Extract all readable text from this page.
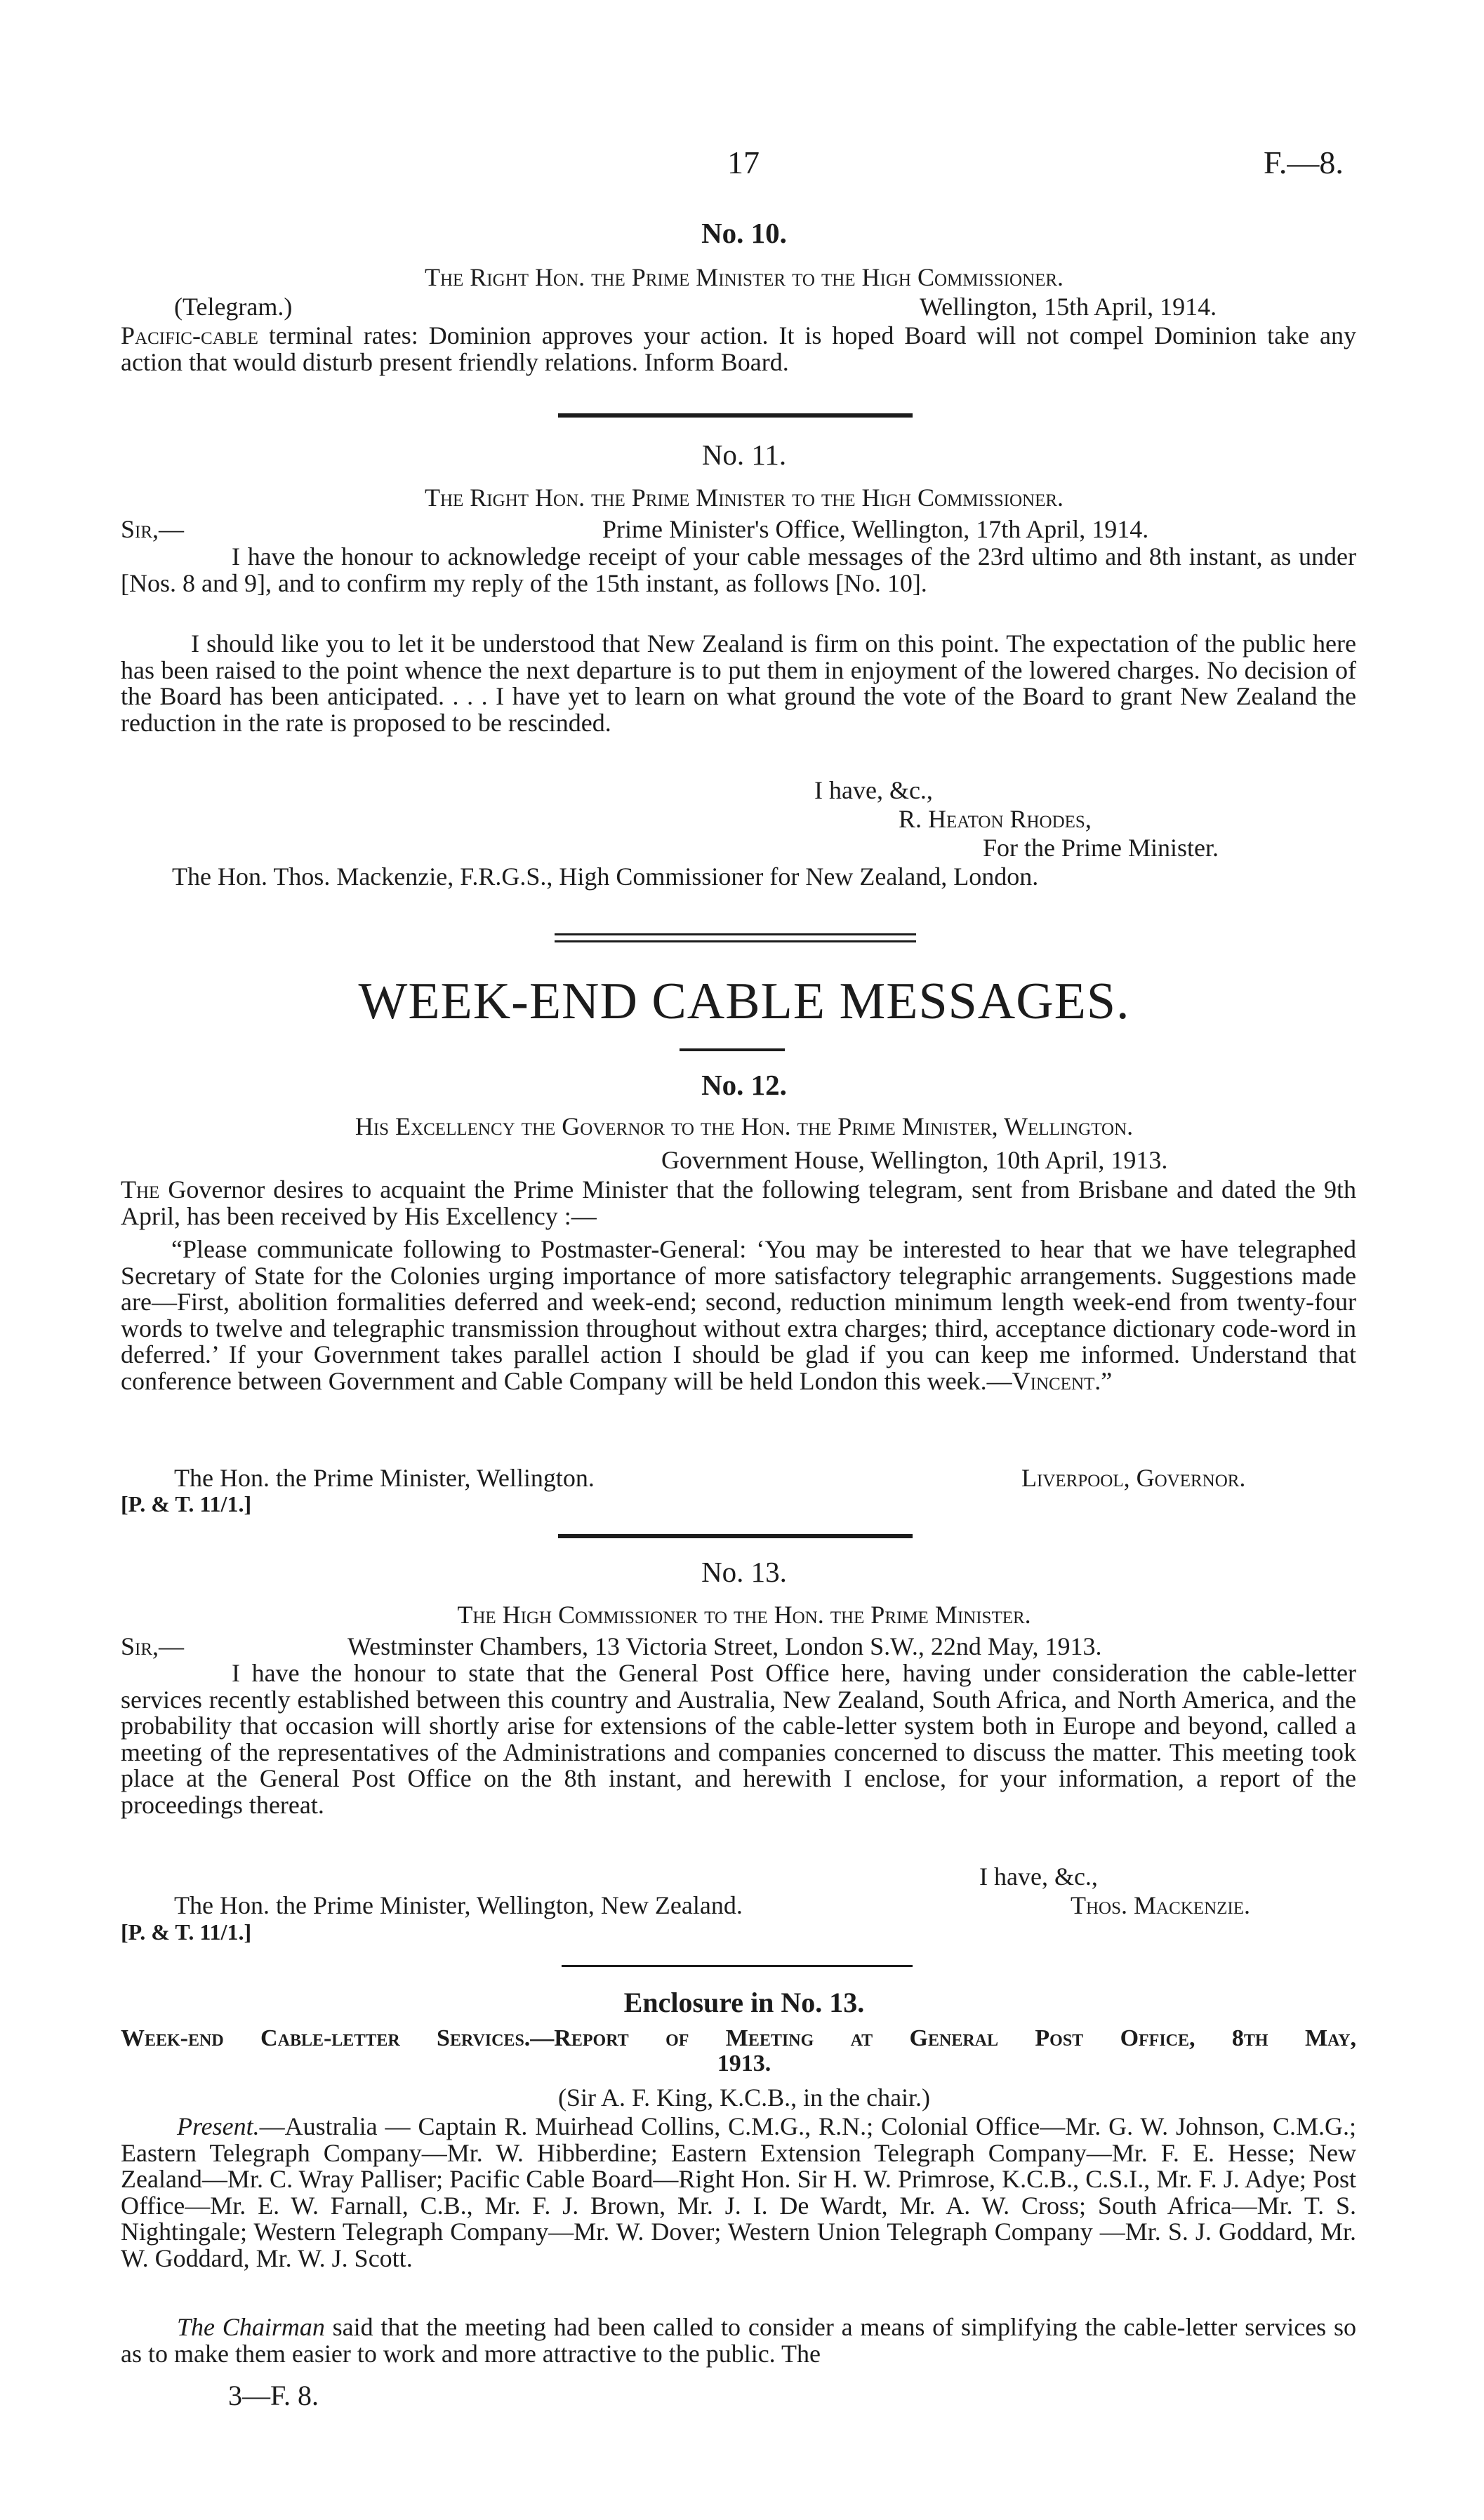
17	F.—8.
No. 10.
The Right Hon. the Prime Minister to the High Commissioner.
(Telegram.)	Wellington, 15th April, 1914.
Pacific-cable terminal rates: Dominion approves your action. It is hoped Board will not compel Dominion take any action that would disturb present friendly relations. Inform Board.
No. 11.
The Right Hon. the Prime Minister to the High Commissioner.
Sir,—	Prime Minister's Office, Wellington, 17th April, 1914.
I have the honour to acknowledge receipt of your cable messages of the 23rd ultimo and 8th instant, as under [Nos. 8 and 9], and to confirm my reply of the 15th instant, as follows [No. 10].
I should like you to let it be understood that New Zealand is firm on this point. The expectation of the public here has been raised to the point whence the next departure is to put them in enjoyment of the lowered charges. No decision of the Board has been anticipated. . . . I have yet to learn on what ground the vote of the Board to grant New Zealand the reduction in the rate is proposed to be rescinded.
I have, &c.,
R. Heaton Rhodes,
For the Prime Minister.
The Hon. Thos. Mackenzie, F.R.G.S., High Commissioner for New Zealand, London.
WEEK-END CABLE MESSAGES.
No. 12.
His Excellency the Governor to the Hon. the Prime Minister, Wellington.
Government House, Wellington, 10th April, 1913.
The Governor desires to acquaint the Prime Minister that the following telegram, sent from Brisbane and dated the 9th April, has been received by His Excellency :—
“Please communicate following to Postmaster-General: ‘You may be interested to hear that we have telegraphed Secretary of State for the Colonies urging importance of more satisfactory telegraphic arrangements. Suggestions made are—First, abolition formalities deferred and week-end; second, reduction minimum length week-end from twenty-four words to twelve and telegraphic transmission throughout without extra charges; third, acceptance dictionary code-word in deferred.’ If your Government takes parallel action I should be glad if you can keep me informed. Understand that conference between Government and Cable Company will be held London this week.—Vincent.”
The Hon. the Prime Minister, Wellington.	Liverpool, Governor.
[P. & T. 11/1.]
No. 13.
The High Commissioner to the Hon. the Prime Minister.
Sir,—	Westminster Chambers, 13 Victoria Street, London S.W., 22nd May, 1913.
I have the honour to state that the General Post Office here, having under consideration the cable-letter services recently established between this country and Australia, New Zealand, South Africa, and North America, and the probability that occasion will shortly arise for extensions of the cable-letter system both in Europe and beyond, called a meeting of the representatives of the Administrations and companies concerned to discuss the matter. This meeting took place at the General Post Office on the 8th instant, and herewith I enclose, for your information, a report of the proceedings thereat.
I have, &c.,
The Hon. the Prime Minister, Wellington, New Zealand.	Thos. Mackenzie.
[P. & T. 11/1.]
Enclosure in No. 13.
Week-end Cable-letter Services.—Report of Meeting at General Post Office, 8th May,
1913.
(Sir A. F. King, K.C.B., in the chair.)
Present.—Australia — Captain R. Muirhead Collins, C.M.G., R.N.; Colonial Office—Mr. G. W. Johnson, C.M.G.; Eastern Telegraph Company—Mr. W. Hibberdine; Eastern Extension Telegraph Company—Mr. F. E. Hesse; New Zealand—Mr. C. Wray Palliser; Pacific Cable Board—Right Hon. Sir H. W. Primrose, K.C.B., C.S.I., Mr. F. J. Adye; Post Office—Mr. E. W. Farnall, C.B., Mr. F. J. Brown, Mr. J. I. De Wardt, Mr. A. W. Cross; South Africa—Mr. T. S. Nightingale; Western Telegraph Company—Mr. W. Dover; Western Union Telegraph Company —Mr. S. J. Goddard, Mr. W. Goddard, Mr. W. J. Scott.
The Chairman said that the meeting had been called to consider a means of simplifying the cable-letter services so as to make them easier to work and more attractive to the public. The
3—F. 8.
